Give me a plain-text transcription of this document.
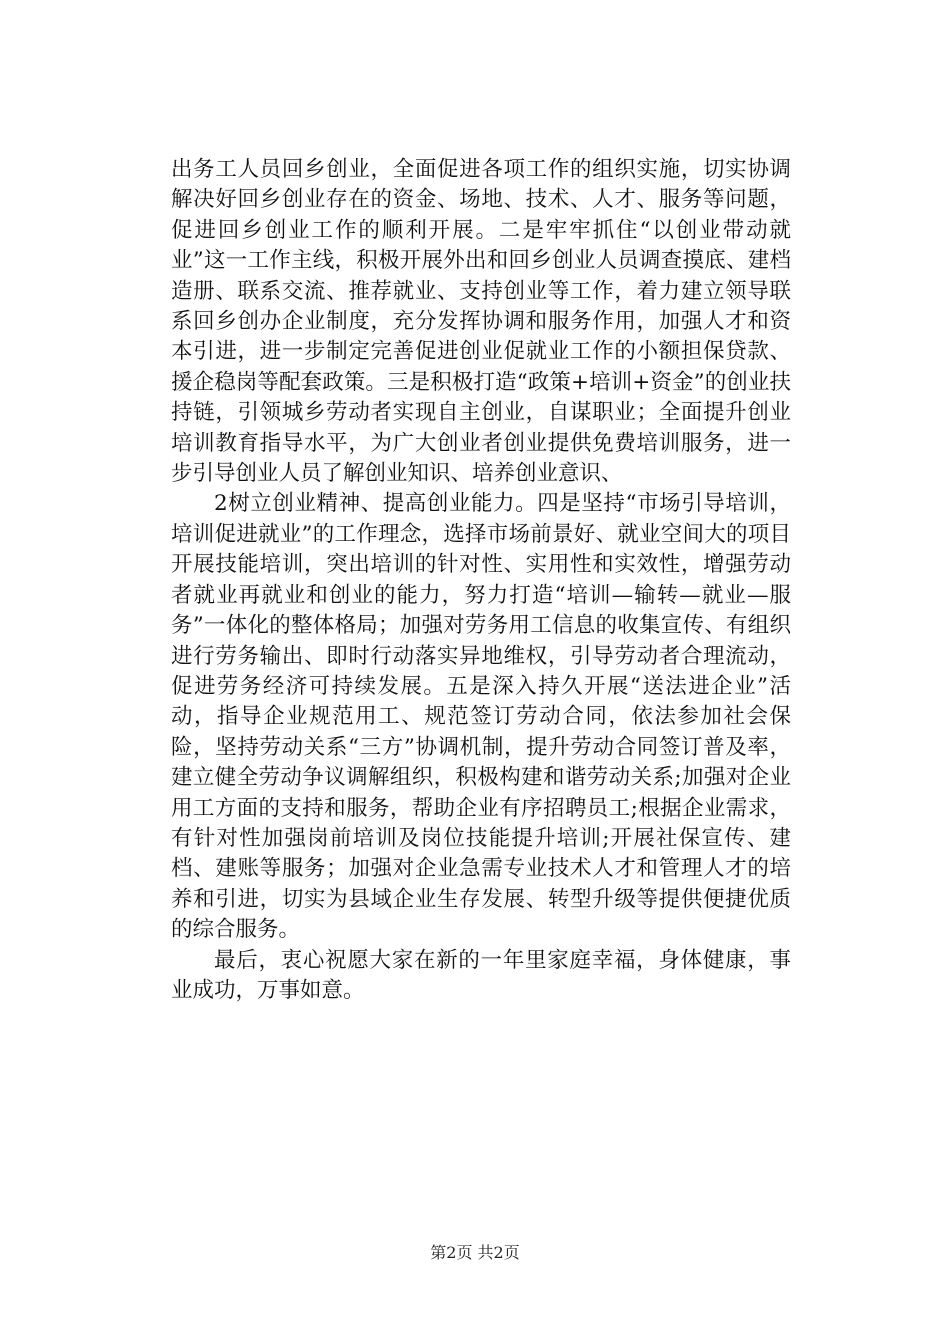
出务工人员回乡创业，全面促进各项工作的组织实施，切实协调解决好回乡创业存在的资金、场地、技术、人才、服务等问题，促进回乡创业工作的顺利开展。二是牢牢抓住“以创业带动就业”这一工作主线，积极开展外出和回乡创业人员调查摸底、建档造册、联系交流、推荐就业、支持创业等工作，着力建立领导联系回乡创办企业制度，充分发挥协调和服务作用，加强人才和资本引进，进一步制定完善促进创业促就业工作的小额担保贷款、援企稳岗等配套政策。三是积极打造“政策+培训+资金”的创业扶持链，引领城乡劳动者实现自主创业，自谋职业；全面提升创业培训教育指导水平，为广大创业者创业提供免费培训服务，进一步引导创业人员了解创业知识、培养创业意识、

2树立创业精神、提高创业能力。四是坚持“市场引导培训，培训促进就业”的工作理念，选择市场前景好、就业空间大的项目开展技能培训，突出培训的针对性、实用性和实效性，增强劳动者就业再就业和创业的能力，努力打造“培训—输转—就业—服务”一体化的整体格局；加强对劳务用工信息的收集宣传、有组织进行劳务输出、即时行动落实异地维权，引导劳动者合理流动，促进劳务经济可持续发展。五是深入持久开展“送法进企业”活动，指导企业规范用工、规范签订劳动合同，依法参加社会保险，坚持劳动关系“三方”协调机制，提升劳动合同签订普及率，建立健全劳动争议调解组织，积极构建和谐劳动关系;加强对企业用工方面的支持和服务，帮助企业有序招聘员工;根据企业需求，有针对性加强岗前培训及岗位技能提升培训;开展社保宣传、建档、建账等服务；加强对企业急需专业技术人才和管理人才的培养和引进，切实为县域企业生存发展、转型升级等提供便捷优质的综合服务。

最后，衷心祝愿大家在新的一年里家庭幸福，身体健康，事业成功，万事如意。

第2页 共2页
